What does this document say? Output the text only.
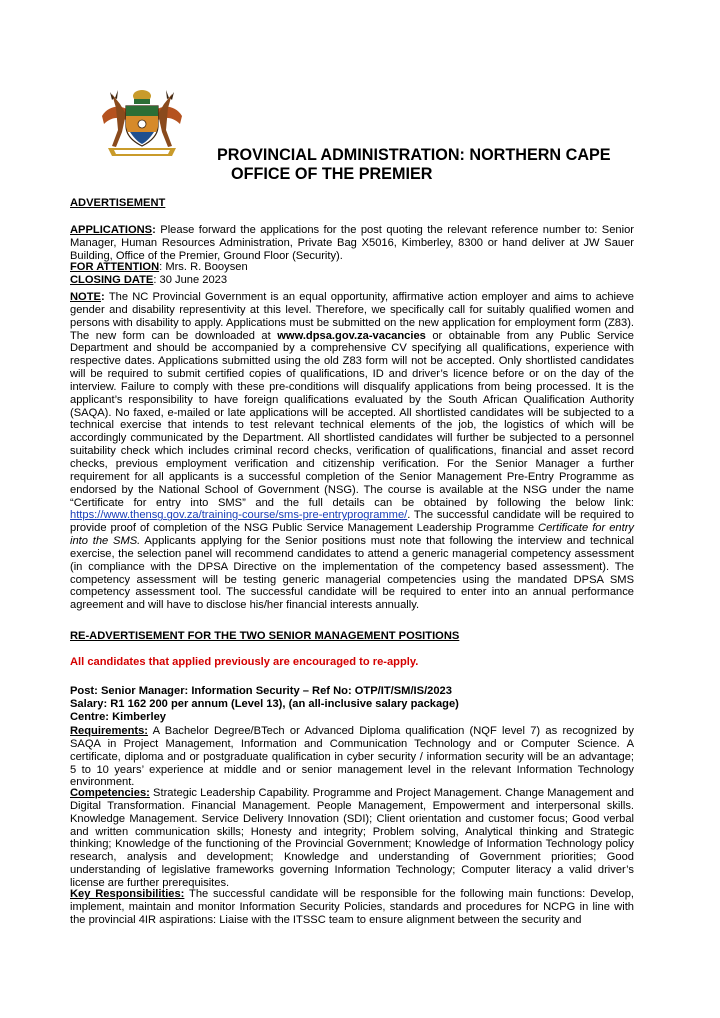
PROVINCIAL ADMINISTRATION: NORTHERN CAPE
OFFICE OF THE PREMIER
ADVERTISEMENT
APPLICATIONS: Please forward the applications for the post quoting the relevant reference number to: Senior Manager, Human Resources Administration, Private Bag X5016, Kimberley, 8300 or hand deliver at JW Sauer Building, Office of the Premier, Ground Floor (Security).
FOR ATTENTION: Mrs. R. Booysen
CLOSING DATE: 30 June 2023
NOTE: The NC Provincial Government is an equal opportunity, affirmative action employer and aims to achieve gender and disability representivity at this level. Therefore, we specifically call for suitably qualified women and persons with disability to apply. Applications must be submitted on the new application for employment form (Z83). The new form can be downloaded at www.dpsa.gov.za-vacancies or obtainable from any Public Service Department and should be accompanied by a comprehensive CV specifying all qualifications, experience with respective dates. Applications submitted using the old Z83 form will not be accepted. Only shortlisted candidates will be required to submit certified copies of qualifications, ID and driver’s licence before or on the day of the interview. Failure to comply with these pre-conditions will disqualify applications from being processed. It is the applicant’s responsibility to have foreign qualifications evaluated by the South African Qualification Authority (SAQA). No faxed, e-mailed or late applications will be accepted. All shortlisted candidates will be subjected to a technical exercise that intends to test relevant technical elements of the job, the logistics of which will be accordingly communicated by the Department. All shortlisted candidates will further be subjected to a personnel suitability check which includes criminal record checks, verification of qualifications, financial and asset record checks, previous employment verification and citizenship verification. For the Senior Manager a further requirement for all applicants is a successful completion of the Senior Management Pre-Entry Programme as endorsed by the National School of Government (NSG). The course is available at the NSG under the name “Certificate for entry into SMS” and the full details can be obtained by following the below link: https://www.thensg.gov.za/training-course/sms-pre-entryprogramme/. The successful candidate will be required to provide proof of completion of the NSG Public Service Management Leadership Programme Certificate for entry into the SMS. Applicants applying for the Senior positions must note that following the interview and technical exercise, the selection panel will recommend candidates to attend a generic managerial competency assessment (in compliance with the DPSA Directive on the implementation of the competency based assessment). The competency assessment will be testing generic managerial competencies using the mandated DPSA SMS competency assessment tool. The successful candidate will be required to enter into an annual performance agreement and will have to disclose his/her financial interests annually.
RE-ADVERTISEMENT FOR THE TWO SENIOR MANAGEMENT POSITIONS
All candidates that applied previously are encouraged to re-apply.
Post: Senior Manager: Information Security – Ref No: OTP/IT/SM/IS/2023
Salary: R1 162 200 per annum (Level 13), (an all-inclusive salary package)
Centre: Kimberley
Requirements: A Bachelor Degree/BTech or Advanced Diploma qualification (NQF level 7) as recognized by SAQA in Project Management, Information and Communication Technology and or Computer Science. A certificate, diploma and or postgraduate qualification in cyber security / information security will be an advantage; 5 to 10 years’ experience at middle and or senior management level in the relevant Information Technology environment.
Competencies: Strategic Leadership Capability. Programme and Project Management. Change Management and Digital Transformation. Financial Management. People Management, Empowerment and interpersonal skills. Knowledge Management. Service Delivery Innovation (SDI); Client orientation and customer focus; Good verbal and written communication skills; Honesty and integrity; Problem solving, Analytical thinking and Strategic thinking; Knowledge of the functioning of the Provincial Government; Knowledge of Information Technology policy research, analysis and development; Knowledge and understanding of Government priorities; Good understanding of legislative frameworks governing Information Technology; Computer literacy a valid driver’s license are further prerequisites.
Key Responsibilities: The successful candidate will be responsible for the following main functions: Develop, implement, maintain and monitor Information Security Policies, standards and procedures for NCPG in line with the provincial 4IR aspirations: Liaise with the ITSSC team to ensure alignment between the security and
